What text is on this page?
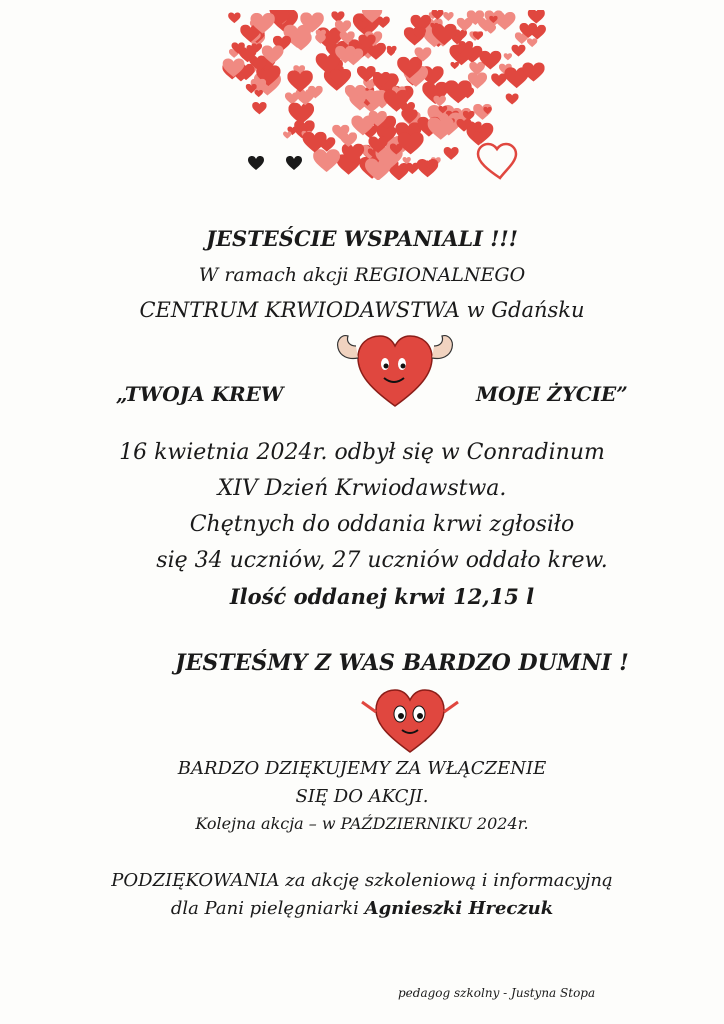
JESTEŚCIE WSPANIALI !!!
W ramach akcji REGIONALNEGO
CENTRUM KRWIODAWSTWA w Gdańsku
„TWOJA KREW	MOJE ŻYCIE”
16 kwietnia 2024r. odbył się w Conradinum
XIV Dzień Krwiodawstwa.
Chętnych do oddania krwi zgłosiło
się 34 uczniów, 27 uczniów oddało krew.
Ilość oddanej krwi 12,15 l
JESTEŚMY Z WAS BARDZO DUMNI !
BARDZO DZIĘKUJEMY ZA WŁĄCZENIE
SIĘ DO AKCJI.
Kolejna akcja – w PAŹDZIERNIKU 2024r.
PODZIĘKOWANIA za akcję szkoleniową i informacyjną
dla Pani pielęgniarki Agnieszki Hreczuk
pedagog szkolny - Justyna Stopa
